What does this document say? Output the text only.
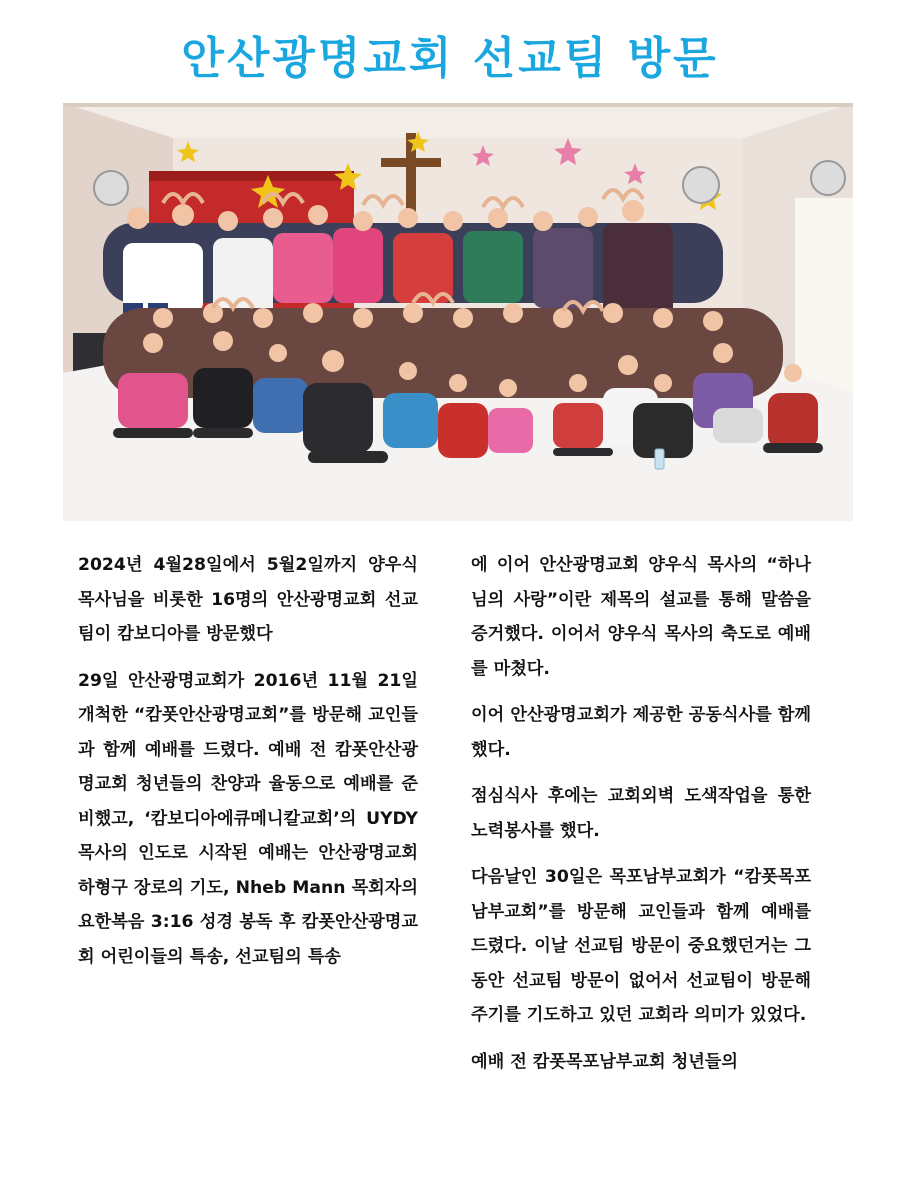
안산광명교회 선교팀 방문

2024년 4월28일에서 5월2일까지 양우식 목사님을 비롯한 16명의 안산광명교회 선교팀이 캄보디아를 방문했다

29일 안산광명교회가 2016년 11월 21일 개척한 “캄폿안산광명교회”를 방문해 교인들과 함께 예배를 드렸다. 예배 전 캄폿안산광명교회 청년들의 찬양과 율동으로 예배를 준비했고, ‘캄보디아에큐메니칼교회’의 UYDY목사의 인도로 시작된 예배는 안산광명교회 하형구 장로의 기도, Nheb Mann 목회자의 요한복음 3:16 성경 봉독 후 캄폿안산광명교회 어린이들의 특송, 선교팀의 특송

에 이어 안산광명교회 양우식 목사의 “하나님의 사랑”이란 제목의 설교를 통해 말씀을 증거했다. 이어서 양우식 목사의 축도로 예배를 마쳤다.

이어 안산광명교회가 제공한 공동식사를 함께 했다.

점심식사 후에는 교회외벽 도색작업을 통한 노력봉사를 했다.

다음날인 30일은 목포남부교회가 “캄폿목포남부교회”를 방문해 교인들과 함께 예배를 드렸다. 이날 선교팀 방문이 중요했던거는 그동안 선교팀 방문이 없어서 선교팀이 방문해주기를 기도하고 있던 교회라 의미가 있었다.

예배 전 캄폿목포남부교회 청년들의
